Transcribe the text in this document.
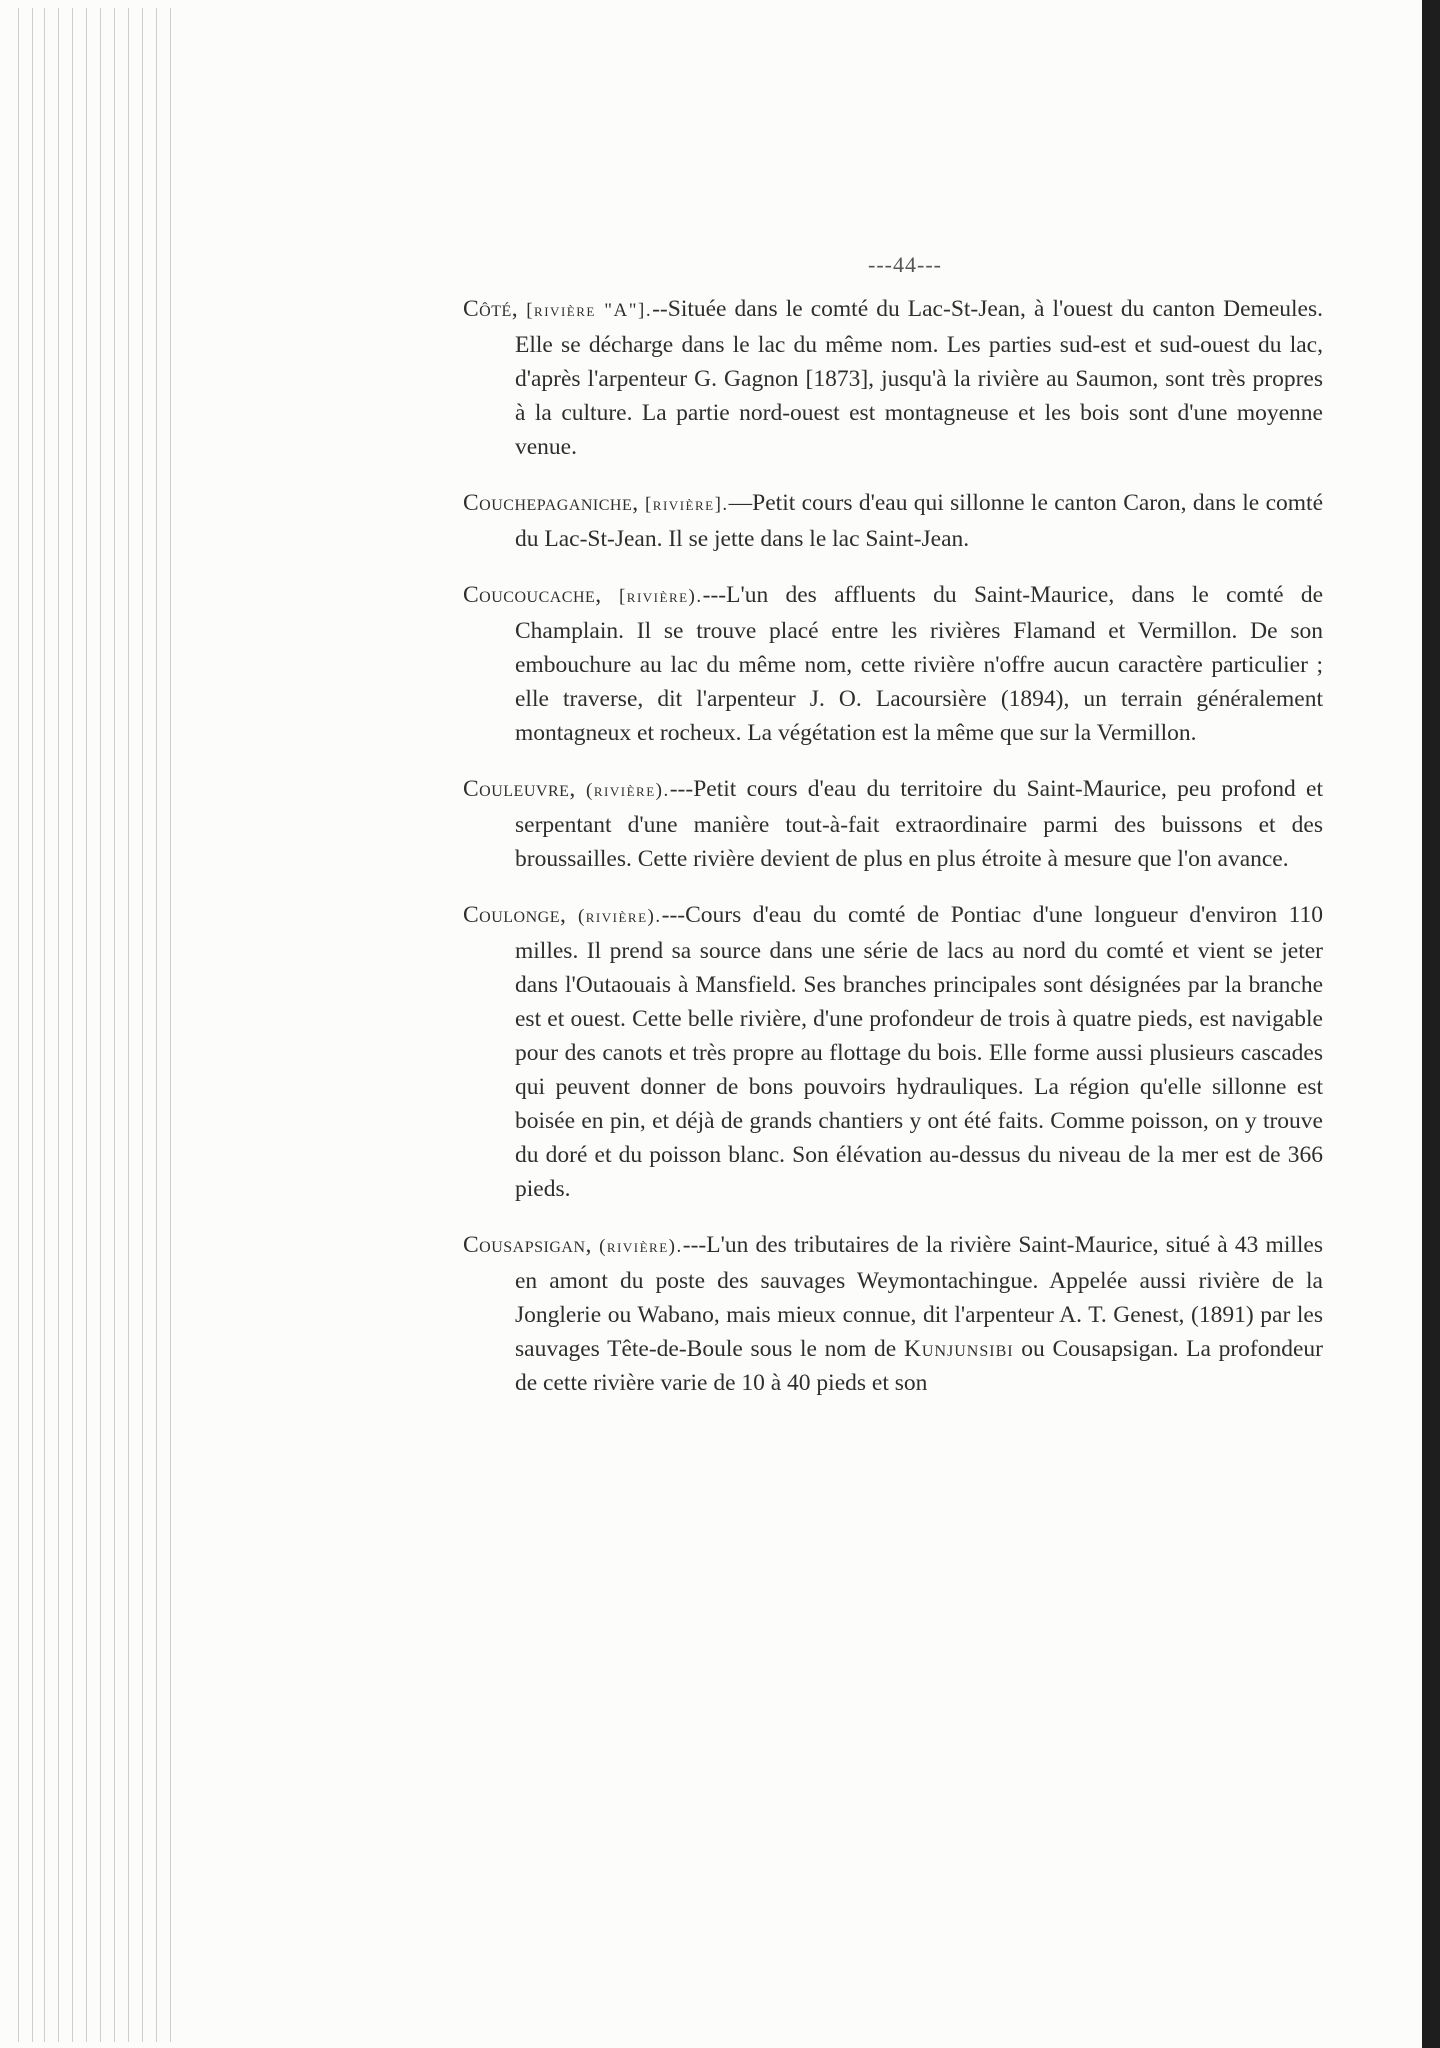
---44---

Côté, [rivière "A"].--Située dans le comté du Lac-St-Jean, à l'ouest du canton Demeules. Elle se décharge dans le lac du même nom. Les parties sud-est et sud-ouest du lac, d'après l'arpenteur G. Gagnon [1873], jusqu'à la rivière au Saumon, sont très propres à la culture. La partie nord-ouest est montagneuse et les bois sont d'une moyenne venue.

Couchepaganiche, [rivière].—Petit cours d'eau qui sillonne le canton Caron, dans le comté du Lac-St-Jean. Il se jette dans le lac Saint-Jean.

Coucoucache, [rivière).---L'un des affluents du Saint-Maurice, dans le comté de Champlain. Il se trouve placé entre les rivières Flamand et Vermillon. De son embouchure au lac du même nom, cette rivière n'offre aucun caractère particulier ; elle traverse, dit l'arpenteur J. O. Lacoursière (1894), un terrain généralement montagneux et rocheux. La végétation est la même que sur la Vermillon.

Couleuvre, (rivière).---Petit cours d'eau du territoire du Saint-Maurice, peu profond et serpentant d'une manière tout-à-fait extraordinaire parmi des buissons et des broussailles. Cette rivière devient de plus en plus étroite à mesure que l'on avance.

Coulonge, (rivière).---Cours d'eau du comté de Pontiac d'une longueur d'environ 110 milles. Il prend sa source dans une série de lacs au nord du comté et vient se jeter dans l'Outaouais à Mansfield. Ses branches principales sont désignées par la branche est et ouest. Cette belle rivière, d'une profondeur de trois à quatre pieds, est navigable pour des canots et très propre au flottage du bois. Elle forme aussi plusieurs cascades qui peuvent donner de bons pouvoirs hydrauliques. La région qu'elle sillonne est boisée en pin, et déjà de grands chantiers y ont été faits. Comme poisson, on y trouve du doré et du poisson blanc. Son élévation au-dessus du niveau de la mer est de 366 pieds.

Cousapsigan, (rivière).---L'un des tributaires de la rivière Saint-Maurice, situé à 43 milles en amont du poste des sauvages Weymontachingue. Appelée aussi rivière de la Jonglerie ou Wabano, mais mieux connue, dit l'arpenteur A. T. Genest, (1891) par les sauvages Tête-de-Boule sous le nom de Kunjunsibi ou Cousapsigan. La profondeur de cette rivière varie de 10 à 40 pieds et son
